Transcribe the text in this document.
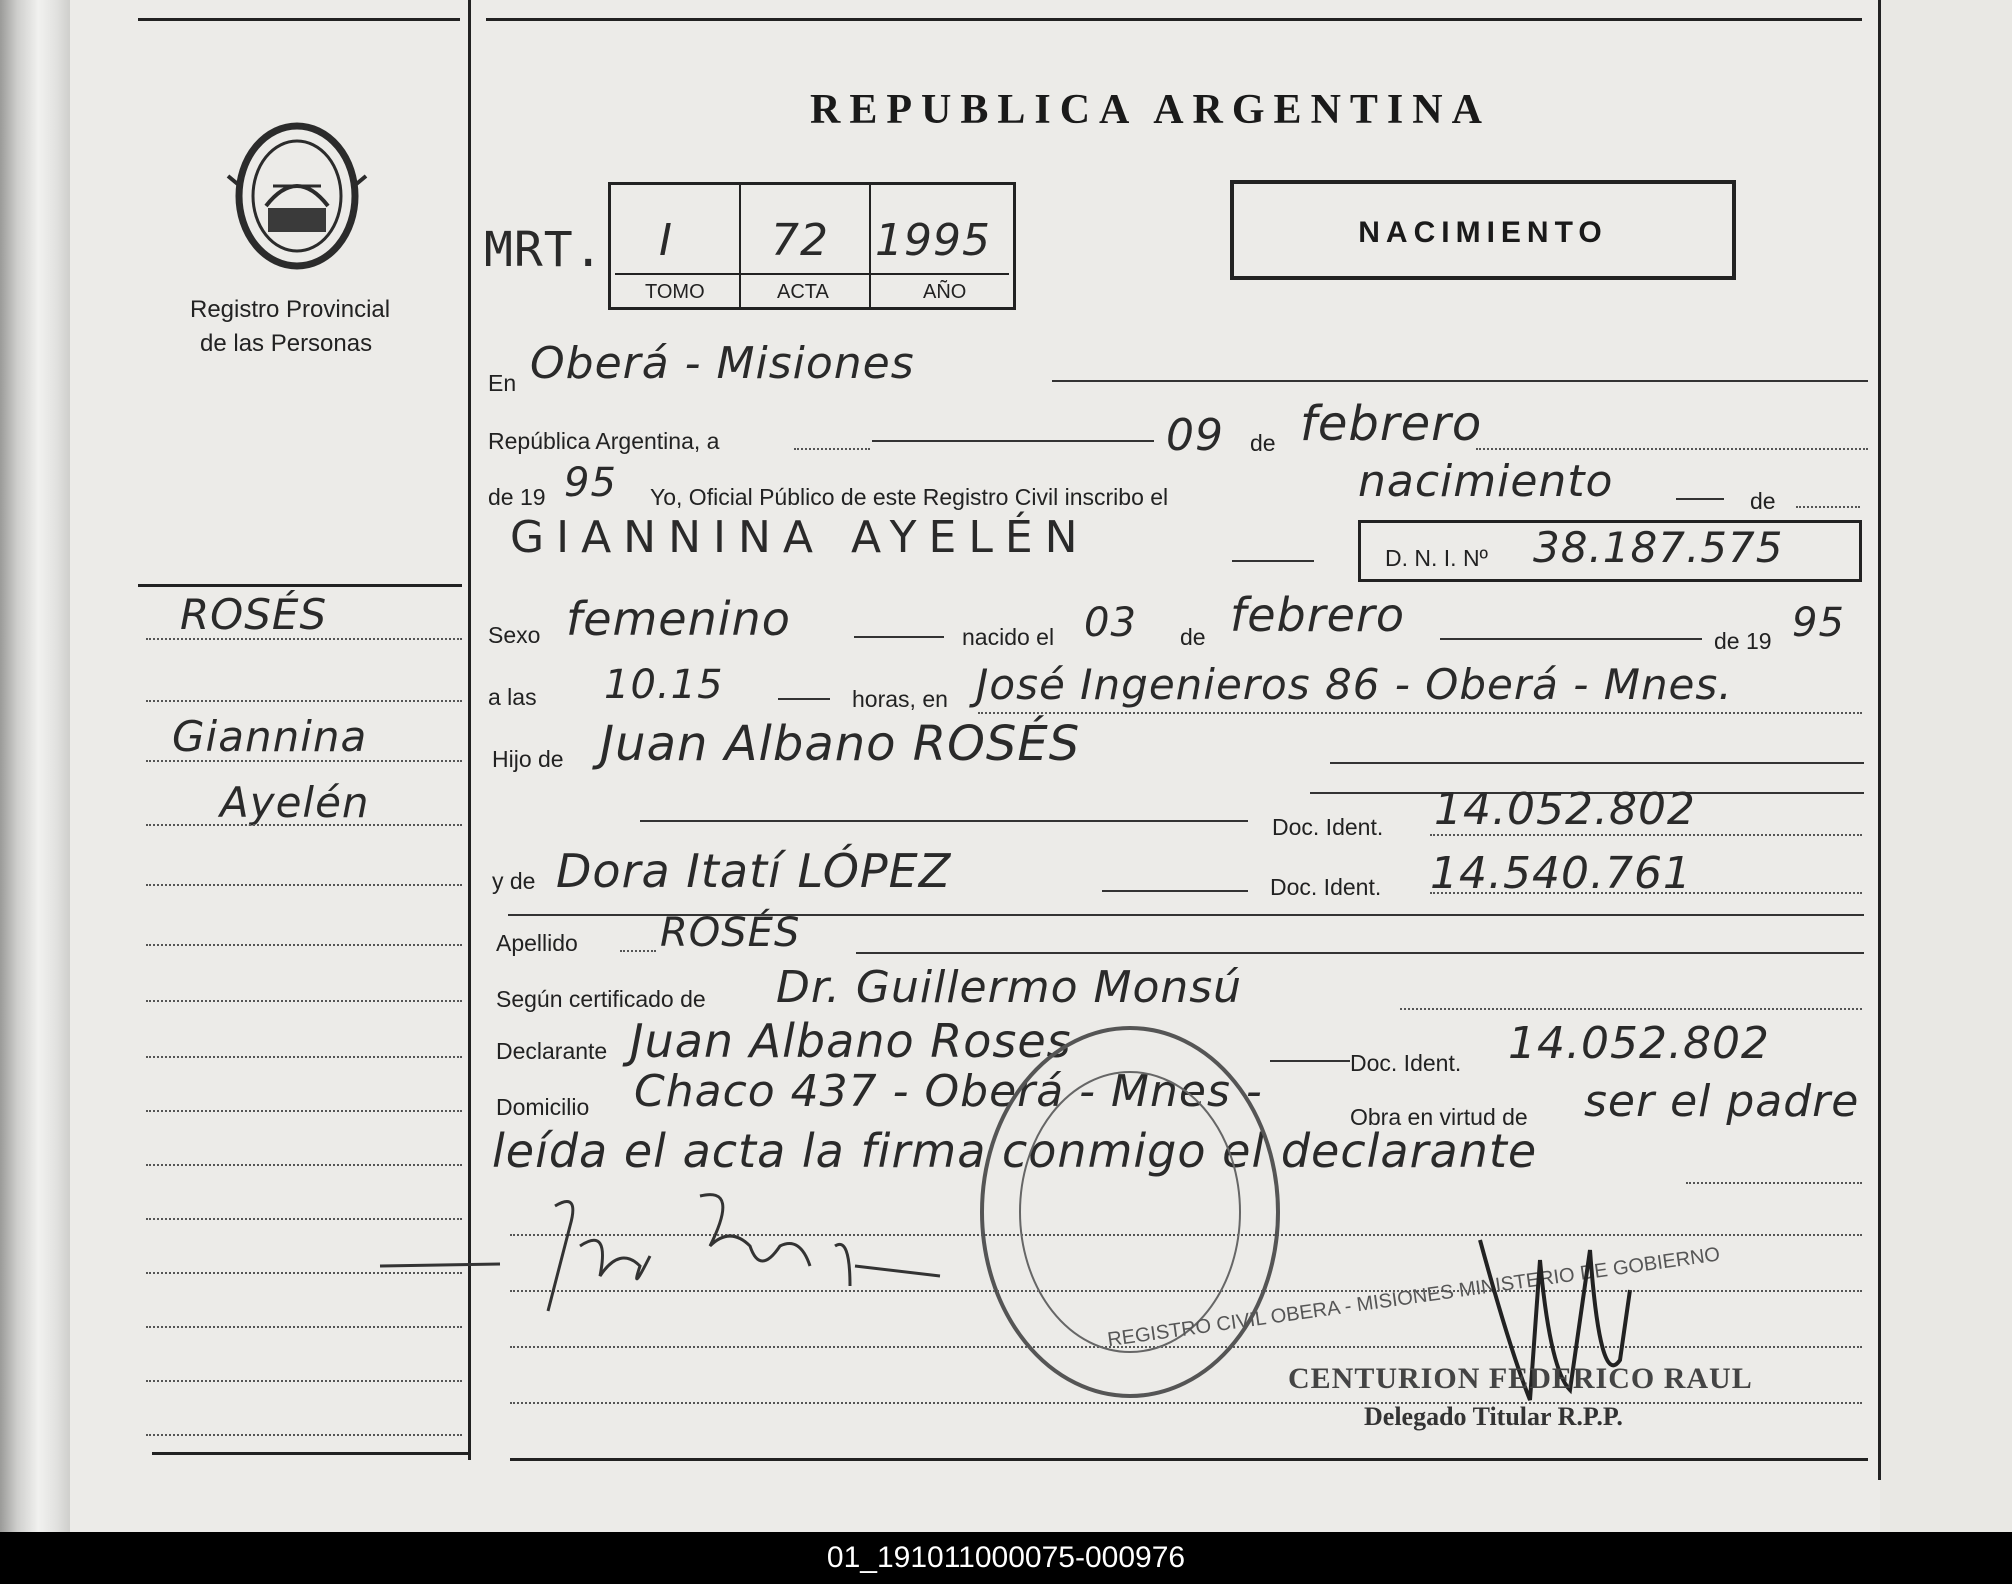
Registro Provincial
de las Personas
REPUBLICA ARGENTINA
MRT. I 72 1995
TOMO	ACTA	AÑO
NACIMIENTO
ROSÉS
Giannina
Ayelén
En Oberá - Misiones
República Argentina, a	09 de febrero
de 19 95 Yo, Oficial Público de este Registro Civil inscribo el	nacimiento	de
GIANNINA AYELÉN	D. N. I. Nº 38.187.575
Sexo femenino	nacido el 03 de febrero	de 19 95
a las 10.15	horas, en José Ingenieros 86 - Oberá - Mnes.
Hijo de Juan Albano ROSÉS
Doc. Ident. 14.052.802
y de Dora Itatí LÓPEZ	Doc. Ident. 14.540.761
Apellido ROSÉS
Según certificado de Dr. Guillermo Monsú
Declarante Juan Albano Roses	Doc. Ident. 14.052.802
Domicilio Chaco 437 - Oberá - Mnes -	Obra en virtud de ser el padre
leída el acta la firma conmigo el declarante
REGISTRO CIVIL OBERA - MISIONES MINISTERIO DE GOBIERNO
CENTURION FEDERICO RAUL
Delegado Titular R.P.P.
01_191011000075-000976
